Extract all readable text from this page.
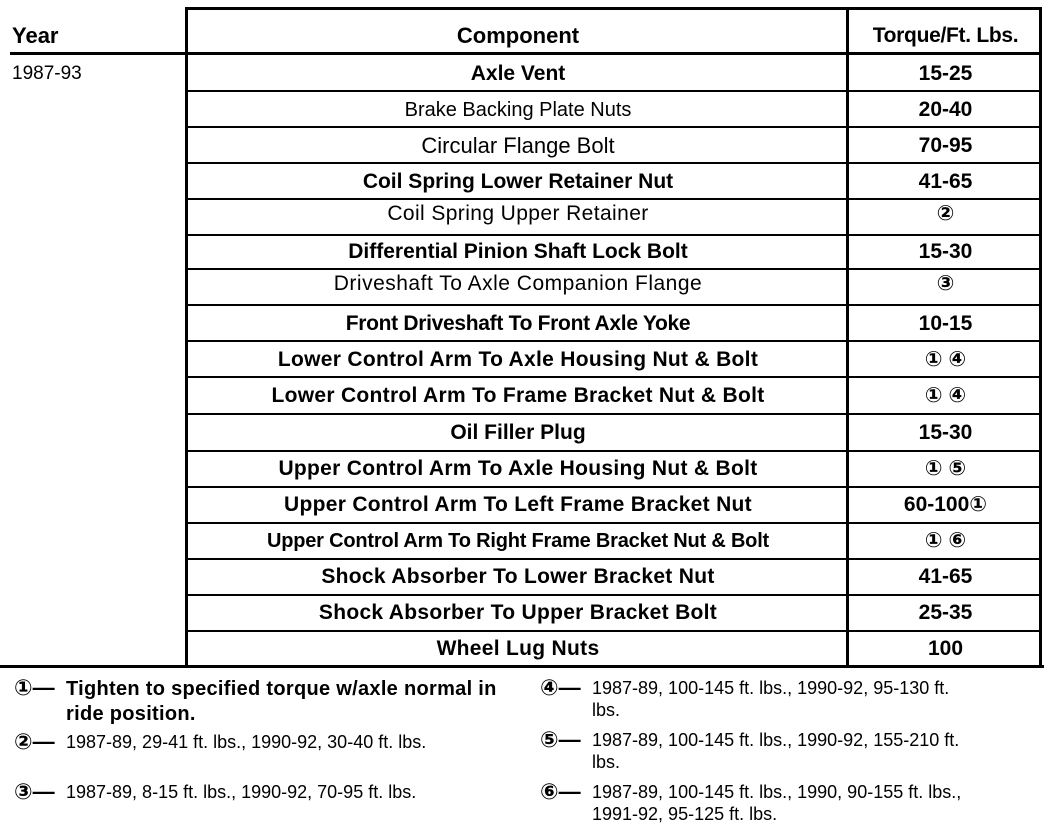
Year	Component	Torque/Ft. Lbs.
1987-93	Axle Vent	15-25
Brake Backing Plate Nuts	20-40
Circular Flange Bolt	70-95
Coil Spring Lower Retainer Nut	41-65
Coil Spring Upper Retainer	②
Differential Pinion Shaft Lock Bolt	15-30
Driveshaft To Axle Companion Flange	③
Front Driveshaft To Front Axle Yoke	10-15
Lower Control Arm To Axle Housing Nut & Bolt	① ④
Lower Control Arm To Frame Bracket Nut & Bolt	① ④
Oil Filler Plug	15-30
Upper Control Arm To Axle Housing Nut & Bolt	① ⑤
Upper Control Arm To Left Frame Bracket Nut	60-100①
Upper Control Arm To Right Frame Bracket Nut & Bolt	① ⑥
Shock Absorber To Lower Bracket Nut	41-65
Shock Absorber To Upper Bracket Bolt	25-35
Wheel Lug Nuts	100
①— Tighten to specified torque w/axle normal in ride position.
②— 1987-89, 29-41 ft. lbs., 1990-92, 30-40 ft. lbs.
③— 1987-89, 8-15 ft. lbs., 1990-92, 70-95 ft. lbs.
④— 1987-89, 100-145 ft. lbs., 1990-92, 95-130 ft. lbs.
⑤— 1987-89, 100-145 ft. lbs., 1990-92, 155-210 ft. lbs.
⑥— 1987-89, 100-145 ft. lbs., 1990, 90-155 ft. lbs., 1991-92, 95-125 ft. lbs.
